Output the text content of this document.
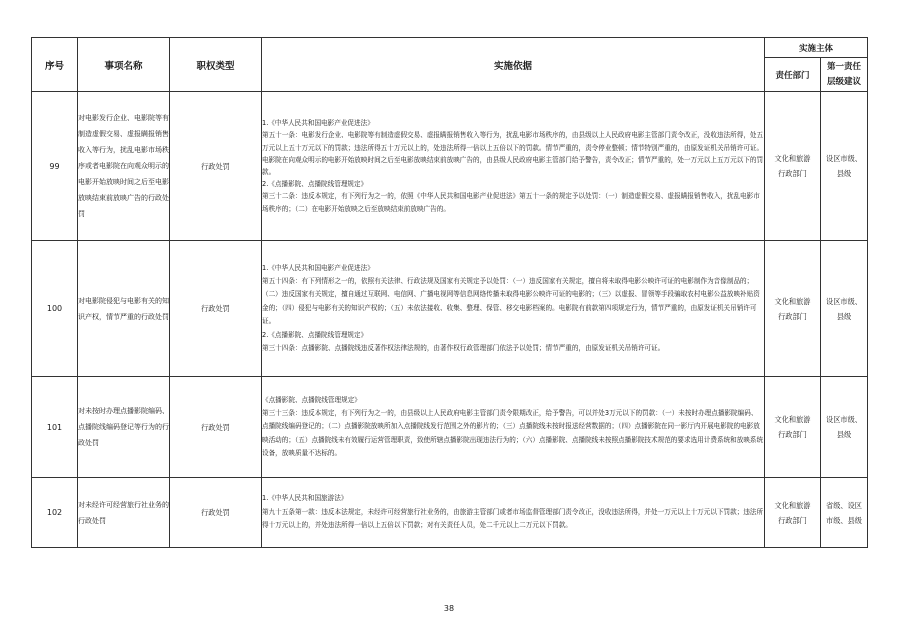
序号	事项名称	职权类型	实施依据	实施主体	
				责任部门	第一责任层级建议
99	对电影发行企业、电影院等有制造虚假交易、虚报瞒报销售收入等行为，扰乱电影市场秩序或者电影院在向观众明示的电影开始放映时间之后至电影放映结束前放映广告的行政处罚	行政处罚	1.《中华人民共和国电影产业促进法》
第五十一条：电影发行企业、电影院等有制造虚假交易、虚报瞒报销售收入等行为，扰乱电影市场秩序的，由县级以上人民政府电影主管部门责令改正，没收违法所得，处五万元以上五十万元以下的罚款；违法所得五十万元以上的，处违法所得一倍以上五倍以下的罚款。情节严重的，责令停业整顿；情节特别严重的，由原发证机关吊销许可证。
电影院在向观众明示的电影开始放映时间之后至电影放映结束前放映广告的，由县级人民政府电影主管部门给予警告，责令改正；情节严重的，处一万元以上五万元以下的罚款。
2.《点播影院、点播院线管理规定》
第三十二条：违反本规定，有下列行为之一的，依照《中华人民共和国电影产业促进法》第五十一条的规定予以处罚：（一）制造虚假交易、虚报瞒报销售收入，扰乱电影市场秩序的；（二）在电影开始放映之后至放映结束前放映广告的。	文化和旅游行政部门	设区市级、县级
100	对电影院侵犯与电影有关的知识产权，情节严重的行政处罚	行政处罚	1.《中华人民共和国电影产业促进法》
第五十四条：有下列情形之一的，依照有关法律、行政法规及国家有关规定予以处罚：（一）违反国家有关规定，擅自将未取得电影公映许可证的电影制作为音像制品的；（二）违反国家有关规定，擅自通过互联网、电信网、广播电视网等信息网络传播未取得电影公映许可证的电影的；（三）以虚报、冒领等手段骗取农村电影公益放映补贴资金的；（四）侵犯与电影有关的知识产权的；（五）未依法接收、收集、整理、保管、移交电影档案的。电影院有前款第四项规定行为，情节严重的，由原发证机关吊销许可证。
2.《点播影院、点播院线管理规定》
第三十四条：点播影院、点播院线违反著作权法律法规的，由著作权行政管理部门依法予以处罚；情节严重的，由原发证机关吊销许可证。	文化和旅游行政部门	设区市级、县级
101	对未按时办理点播影院编码、点播院线编码登记等行为的行政处罚	行政处罚	《点播影院、点播院线管理规定》
第三十三条：违反本规定，有下列行为之一的，由县级以上人民政府电影主管部门责令限期改正，给予警告，可以并处3万元以下的罚款：（一）未按时办理点播影院编码、点播院线编码登记的；（二）点播影院放映所加入点播院线发行范围之外的影片的；（三）点播院线未按时报送经营数据的；（四）点播影院在同一影厅内开展电影院的电影放映活动的；（五）点播院线未有效履行运营管理职责，致使所辖点播影院出现违法行为的；（六）点播影院、点播院线未按照点播影院技术规范的要求选用计费系统和放映系统设备，放映质量不达标的。	文化和旅游行政部门	设区市级、县级
102	对未经许可经营旅行社业务的行政处罚	行政处罚	1.《中华人民共和国旅游法》
第九十五条第一款：违反本法规定，未经许可经营旅行社业务的，由旅游主管部门或者市场监督管理部门责令改正，没收违法所得，并处一万元以上十万元以下罚款；违法所得十万元以上的，并处违法所得一倍以上五倍以下罚款；对有关责任人员，处二千元以上二万元以下罚款。	文化和旅游行政部门	省级、设区市级、县级
38
